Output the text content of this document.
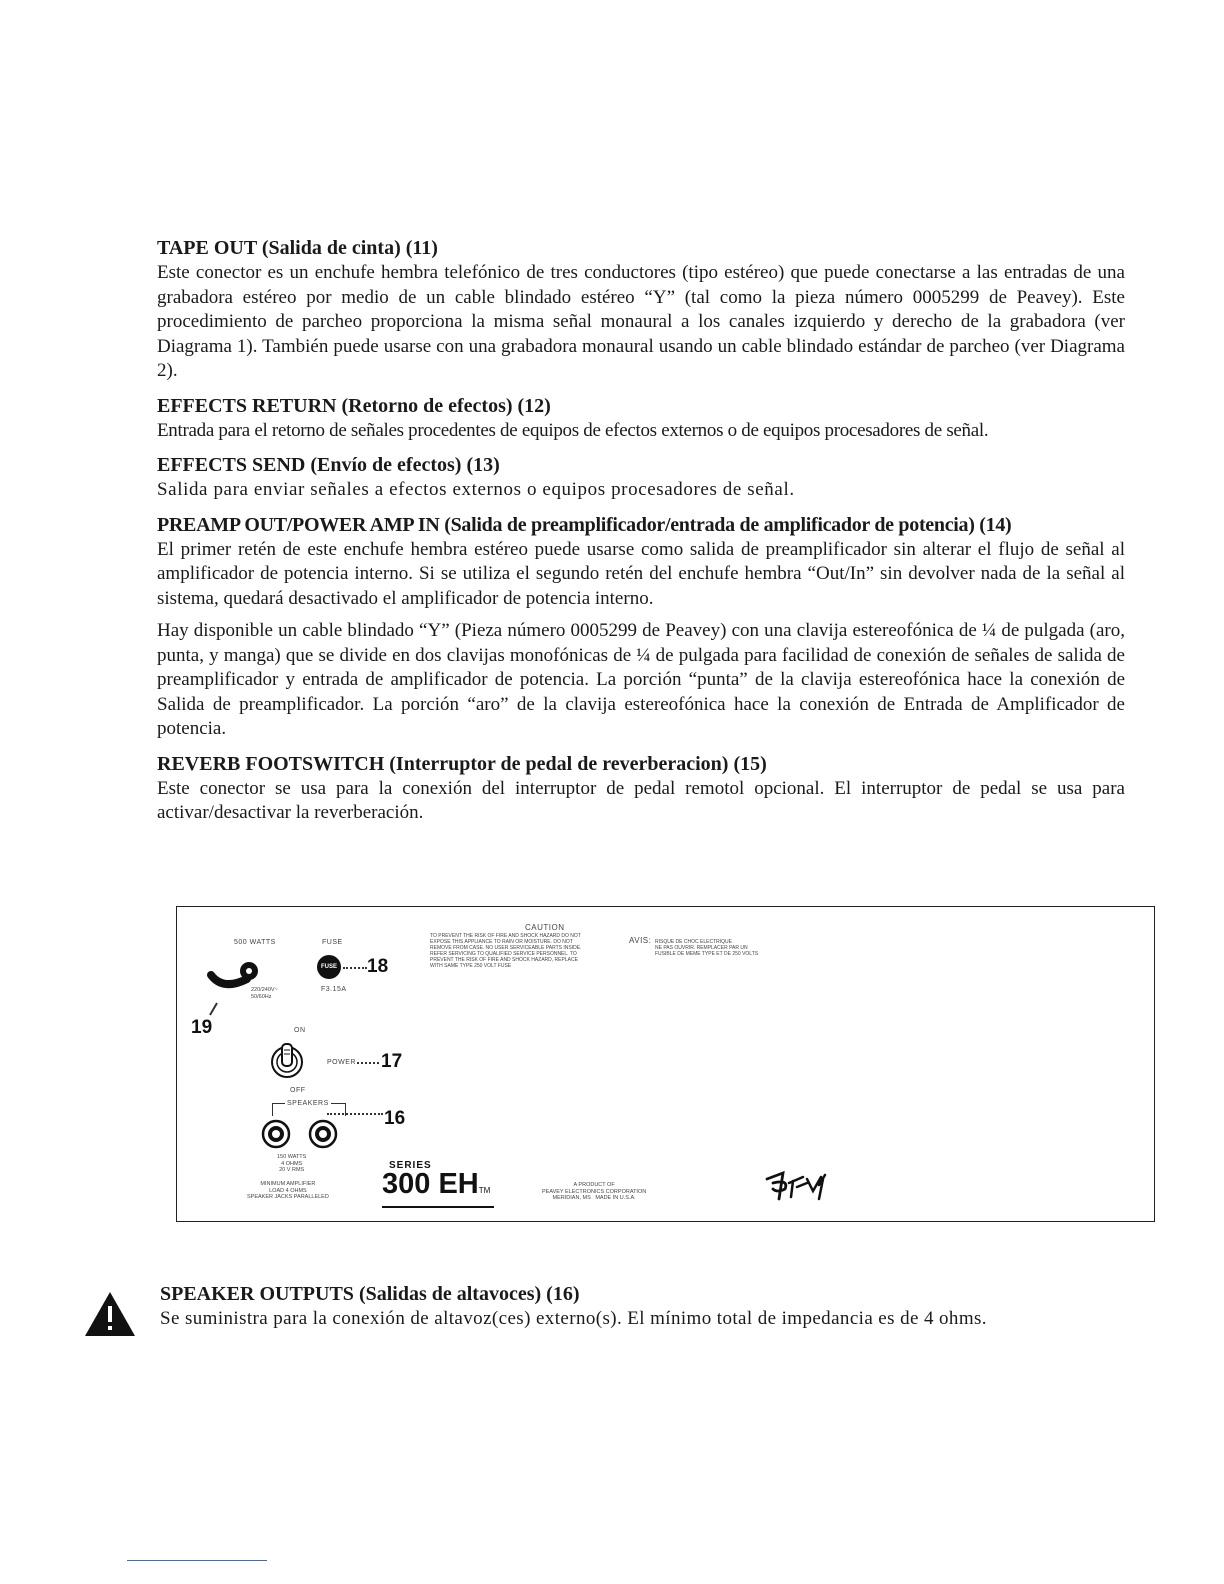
TAPE OUT (Salida de cinta) (11)

Este conector es un enchufe hembra telefónico de tres conductores (tipo estéreo) que puede conectarse a las entradas de una grabadora estéreo por medio de un cable blindado estéreo “Y” (tal como la pieza número 0005299 de Peavey). Este procedimiento de parcheo proporciona la misma señal monaural a los canales izquierdo y derecho de la grabadora (ver Diagrama 1). También puede usarse con una grabadora monaural usando un cable blindado estándar de parcheo (ver Diagrama 2).

EFFECTS RETURN (Retorno de efectos) (12)

Entrada para el retorno de señales procedentes de equipos de efectos externos o de equipos procesadores de señal.

EFFECTS SEND (Envío de efectos) (13)

Salida para enviar señales a efectos externos o equipos procesadores de señal.

PREAMP OUT/POWER AMP IN (Salida de preamplificador/entrada de amplificador de potencia) (14)

El primer retén de este enchufe hembra estéreo puede usarse como salida de preamplificador sin alterar el flujo de señal al amplificador de potencia interno. Si se utiliza el segundo retén del enchufe hembra “Out/In” sin devolver nada de la señal al sistema, quedará desactivado el amplificador de potencia interno.

Hay disponible un cable blindado “Y” (Pieza número 0005299 de Peavey) con una clavija estereofónica de ¼ de pulgada (aro, punta, y manga) que se divide en dos clavijas monofónicas de ¼ de pulgada para facilidad de conexión de señales de salida de preamplificador y entrada de amplificador de potencia. La porción “punta” de la clavija estereofónica hace la conexión de Salida de preamplificador. La porción “aro” de la clavija estereofónica hace la conexión de Entrada de Amplificador de potencia.

REVERB FOOTSWITCH (Interruptor de pedal de reverberacion) (15)

Este conector se usa para la conexión del interruptor de pedal remotol opcional. El interruptor de pedal se usa para activar/desactivar la reverberación.

500 WATTS
220/240V~
50/60Hz
19
FUSE
FUSE 18
F3.15A
ON
POWER 17
OFF
SPEAKERS
16
150 WATTS
4 OHMS
20 V RMS
MINIMUM AMPLIFIER
LOAD 4 OHMS
SPEAKER JACKS PARALLELED
CAUTION
TO PREVENT THE RISK OF FIRE AND SHOCK HAZARD DO NOT
EXPOSE THIS APPLIANCE TO RAIN OR MOISTURE. DO NOT
REMOVE FROM CASE. NO USER SERVICEABLE PARTS INSIDE.
REFER SERVICING TO QUALIFIED SERVICE PERSONNEL. TO
PREVENT THE RISK OF FIRE AND SHOCK HAZARD, REPLACE
WITH SAME TYPE 250 VOLT FUSE
AVIS: RISQUE DE CHOC ELECTRIQUE
NE PAS OUVRIR. REMPLACER PAR UN
FUSIBLE DE MEME TYPE ET DE 250 VOLTS
SERIES
300 EHTM
A PRODUCT OF
PEAVEY ELECTRONICS CORPORATION
MERIDIAN, MS   MADE IN U.S.A.

SPEAKER OUTPUTS (Salidas de altavoces) (16)

Se suministra para la conexión de altavoz(ces) externo(s). El mínimo total de impedancia es de 4 ohms.
